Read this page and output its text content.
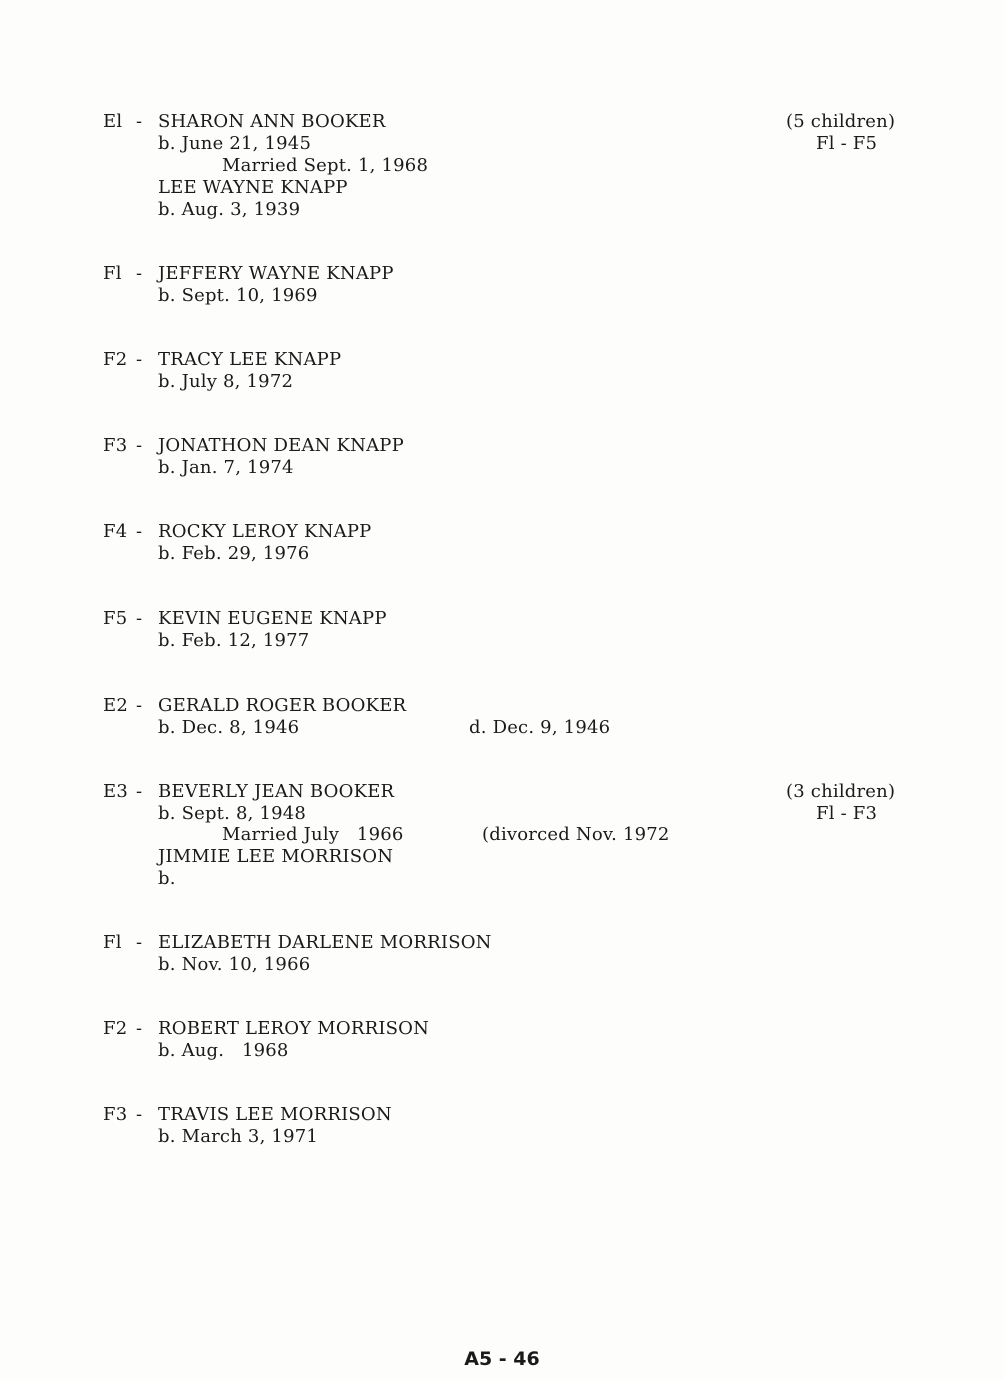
El - SHARON ANN BOOKER
b. June 21, 1945
Married Sept. 1, 1968
LEE WAYNE KNAPP
b. Aug. 3, 1939
(5 children)
Fl - F5
Fl - JEFFERY WAYNE KNAPP
b. Sept. 10, 1969
F2 - TRACY LEE KNAPP
b. July 8, 1972
F3 - JONATHON DEAN KNAPP
b. Jan. 7, 1974
F4 - ROCKY LEROY KNAPP
b. Feb. 29, 1976
F5 - KEVIN EUGENE KNAPP
b. Feb. 12, 1977
E2 - GERALD ROGER BOOKER
b. Dec. 8, 1946	d. Dec. 9, 1946
E3 - BEVERLY JEAN BOOKER
b. Sept. 8, 1948
Married July   1966	(divorced Nov. 1972
JIMMIE LEE MORRISON
b.
(3 children)
Fl - F3
Fl - ELIZABETH DARLENE MORRISON
b. Nov. 10, 1966
F2 - ROBERT LEROY MORRISON
b. Aug.   1968
F3 - TRAVIS LEE MORRISON
b. March 3, 1971
A5 - 46
